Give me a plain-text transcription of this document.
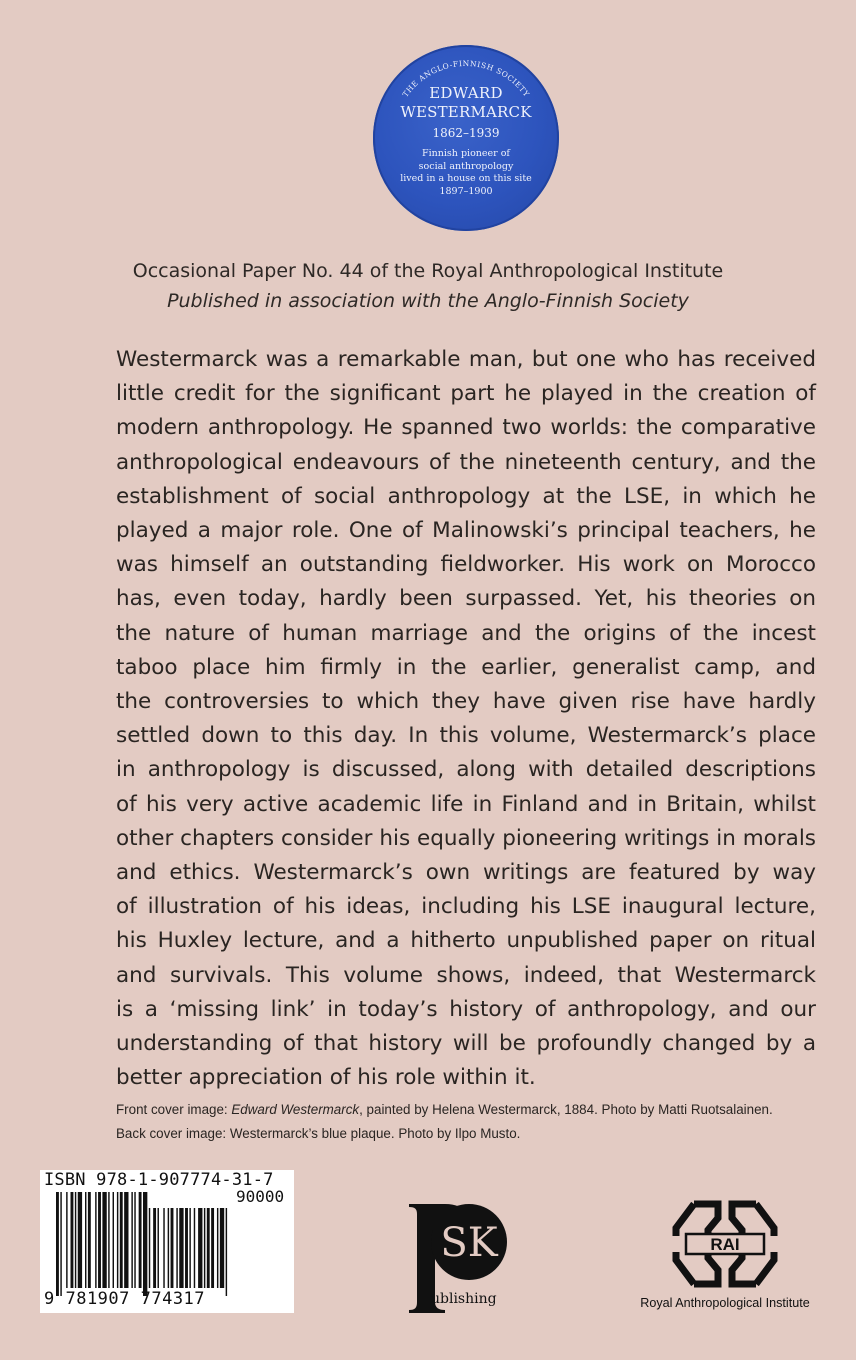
THE ANGLO-FINNISH SOCIETY
EDWARD
WESTERMARCK
1862–1939
Finnish pioneer of
social anthropology
lived in a house on this site
1897–1900
Occasional Paper No. 44 of the Royal Anthropological Institute
Published in association with the Anglo-Finnish Society
Westermarck was a remarkable man, but one who has received
little credit for the significant part he played in the creation of
modern anthropology. He spanned two worlds: the comparative
anthropological endeavours of the nineteenth century, and the
establishment of social anthropology at the LSE, in which he
played a major role. One of Malinowski’s principal teachers, he
was himself an outstanding fieldworker. His work on Morocco
has, even today, hardly been surpassed. Yet, his theories on
the nature of human marriage and the origins of the incest
taboo place him firmly in the earlier, generalist camp, and
the controversies to which they have given rise have hardly
settled down to this day. In this volume, Westermarck’s place
in anthropology is discussed, along with detailed descriptions
of his very active academic life in Finland and in Britain, whilst
other chapters consider his equally pioneering writings in morals
and ethics. Westermarck’s own writings are featured by way
of illustration of his ideas, including his LSE inaugural lecture,
his Huxley lecture, and a hitherto unpublished paper on ritual
and survivals. This volume shows, indeed, that Westermarck
is a ‘missing link’ in today’s history of anthropology, and our
understanding of that history will be profoundly changed by a
better appreciation of his role within it.
Front cover image: Edward Westermarck, painted by Helena Westermarck, 1884. Photo by Matti Ruotsalainen.
Back cover image: Westermarck’s blue plaque. Photo by Ilpo Musto.
ISBN 978-1-907774-31-7
90000
9 781907 774317
SK
ublishing
RAI
Royal Anthropological Institute
